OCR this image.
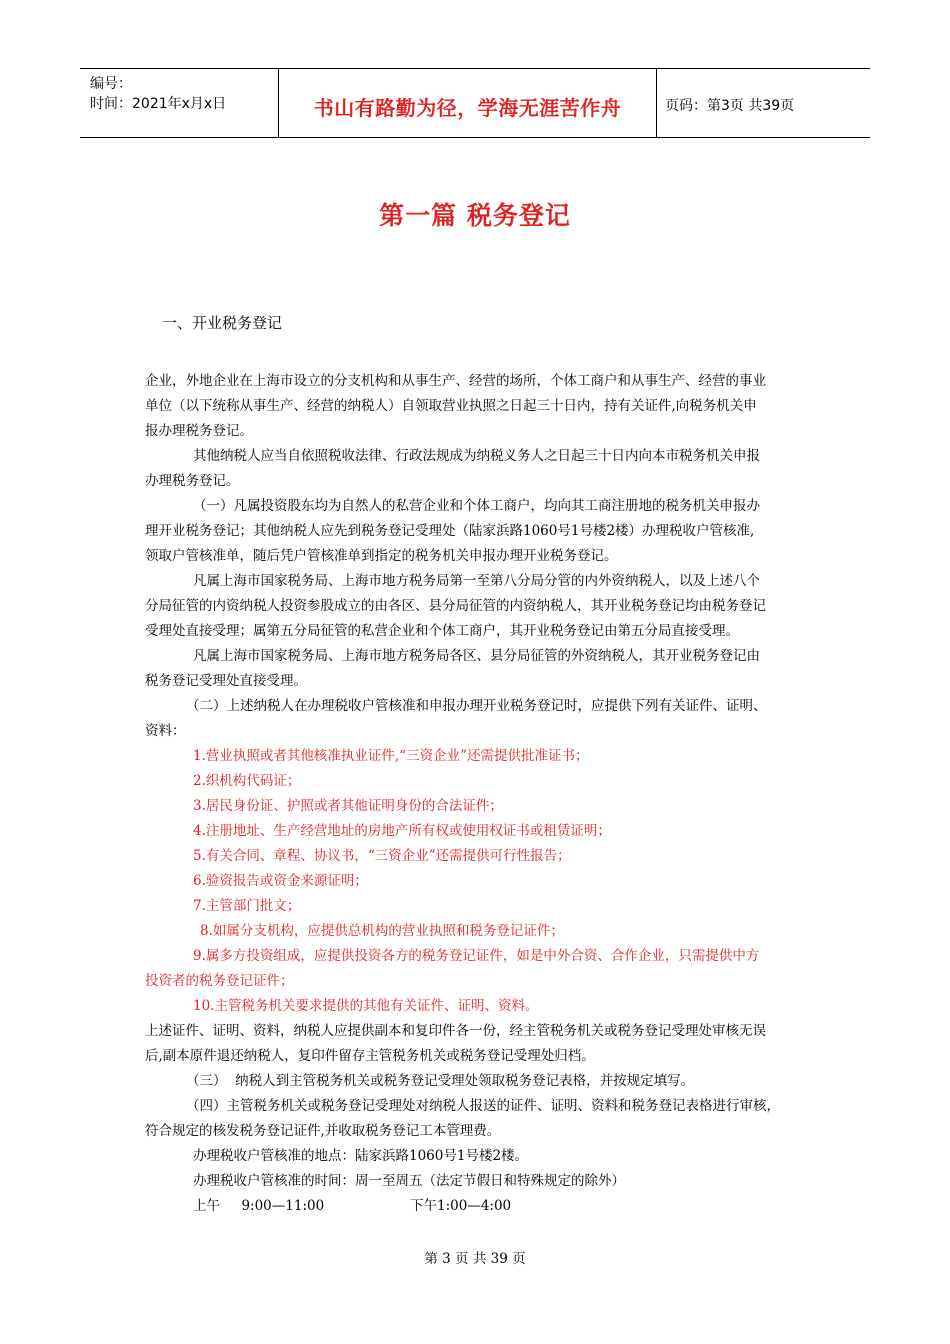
编号：
时间：2021年x月x日	书山有路勤为径，学海无涯苦作舟	页码：第3页 共39页
第一篇 税务登记
一、开业税务登记
企业，外地企业在上海市设立的分支机构和从事生产、经营的场所，个体工商户和从事生产、经营的事业
单位（以下统称从事生产、经营的纳税人）自领取营业执照之日起三十日内，持有关证件,向税务机关申
报办理税务登记。
其他纳税人应当自依照税收法律、行政法规成为纳税义务人之日起三十日内向本市税务机关申报
办理税务登记。
（一）凡属投资股东均为自然人的私营企业和个体工商户，均向其工商注册地的税务机关申报办
理开业税务登记；其他纳税人应先到税务登记受理处（陆家浜路1060号1号楼2楼）办理税收户管核准,
领取户管核准单，随后凭户管核准单到指定的税务机关申报办理开业税务登记。
凡属上海市国家税务局、上海市地方税务局第一至第八分局分管的内外资纳税人，以及上述八个
分局征管的内资纳税人投资参股成立的由各区、县分局征管的内资纳税人，其开业税务登记均由税务登记
受理处直接受理；属第五分局征管的私营企业和个体工商户，其开业税务登记由第五分局直接受理。
凡属上海市国家税务局、上海市地方税务局各区、县分局征管的外资纳税人，其开业税务登记由
税务登记受理处直接受理。
（二）上述纳税人在办理税收户管核准和申报办理开业税务登记时，应提供下列有关证件、证明、
资料：
1.营业执照或者其他核准执业证件,“三资企业”还需提供批准证书；
2.织机构代码证；
3.居民身份证、护照或者其他证明身份的合法证件；
4.注册地址、生产经营地址的房地产所有权或使用权证书或租赁证明；
5.有关合同、章程、协议书，“三资企业”还需提供可行性报告；
6.验资报告或资金来源证明；
7.主管部门批文；
8.如属分支机构，应提供总机构的营业执照和税务登记证件；
9.属多方投资组成，应提供投资各方的税务登记证件，如是中外合资、合作企业，只需提供中方
投资者的税务登记证件；
10.主管税务机关要求提供的其他有关证件、证明、资料。
上述证件、证明、资料，纳税人应提供副本和复印件各一份，经主管税务机关或税务登记受理处审核无误
后,副本原件退还纳税人，复印件留存主管税务机关或税务登记受理处归档。
（三）  纳税人到主管税务机关或税务登记受理处领取税务登记表格，并按规定填写。
（四）主管税务机关或税务登记受理处对纳税人报送的证件、证明、资料和税务登记表格进行审核，
符合规定的核发税务登记证件,并收取税务登记工本管理费。
办理税收户管核准的地点：陆家浜路1060号1号楼2楼。
办理税收户管核准的时间：周一至周五（法定节假日和特殊规定的除外）
上午     9:00—11:00                    下午1:00—4:00
第 3 页 共 39 页
